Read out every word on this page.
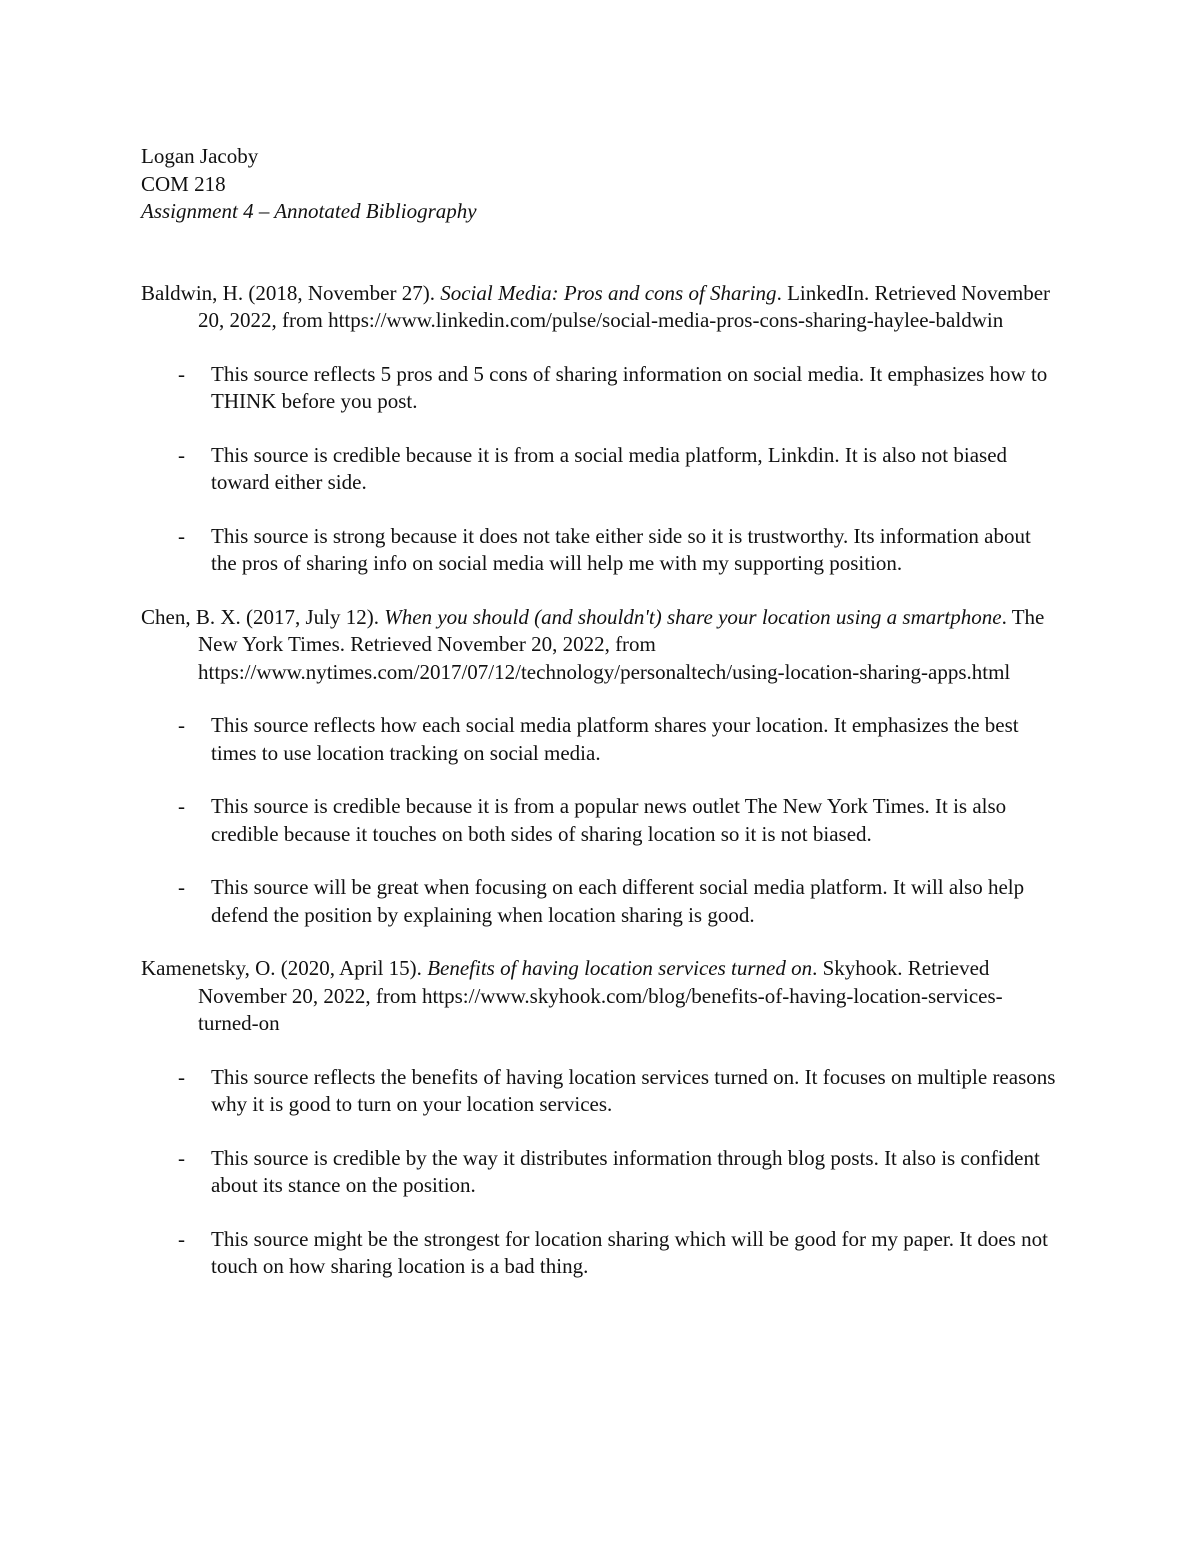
Logan Jacoby

COM 218

Assignment 4 – Annotated Bibliography

Baldwin, H. (2018, November 27). Social Media: Pros and cons of Sharing. LinkedIn. Retrieved November 20, 2022, from https://www.linkedin.com/pulse/social-media-pros-cons-sharing-haylee-baldwin

- This source reflects 5 pros and 5 cons of sharing information on social media. It emphasizes how to THINK before you post.
- This source is credible because it is from a social media platform, Linkdin. It is also not biased toward either side.
- This source is strong because it does not take either side so it is trustworthy. Its information about the pros of sharing info on social media will help me with my supporting position.

Chen, B. X. (2017, July 12). When you should (and shouldn't) share your location using a smartphone. The New York Times. Retrieved November 20, 2022, from https://www.nytimes.com/2017/07/12/technology/personaltech/using-location-sharing-apps.html

- This source reflects how each social media platform shares your location. It emphasizes the best times to use location tracking on social media.
- This source is credible because it is from a popular news outlet The New York Times. It is also credible because it touches on both sides of sharing location so it is not biased.
- This source will be great when focusing on each different social media platform. It will also help defend the position by explaining when location sharing is good.

Kamenetsky, O. (2020, April 15). Benefits of having location services turned on. Skyhook. Retrieved November 20, 2022, from https://www.skyhook.com/blog/benefits-of-having-location-services-turned-on

- This source reflects the benefits of having location services turned on. It focuses on multiple reasons why it is good to turn on your location services.
- This source is credible by the way it distributes information through blog posts. It also is confident about its stance on the position.
- This source might be the strongest for location sharing which will be good for my paper. It does not touch on how sharing location is a bad thing.
